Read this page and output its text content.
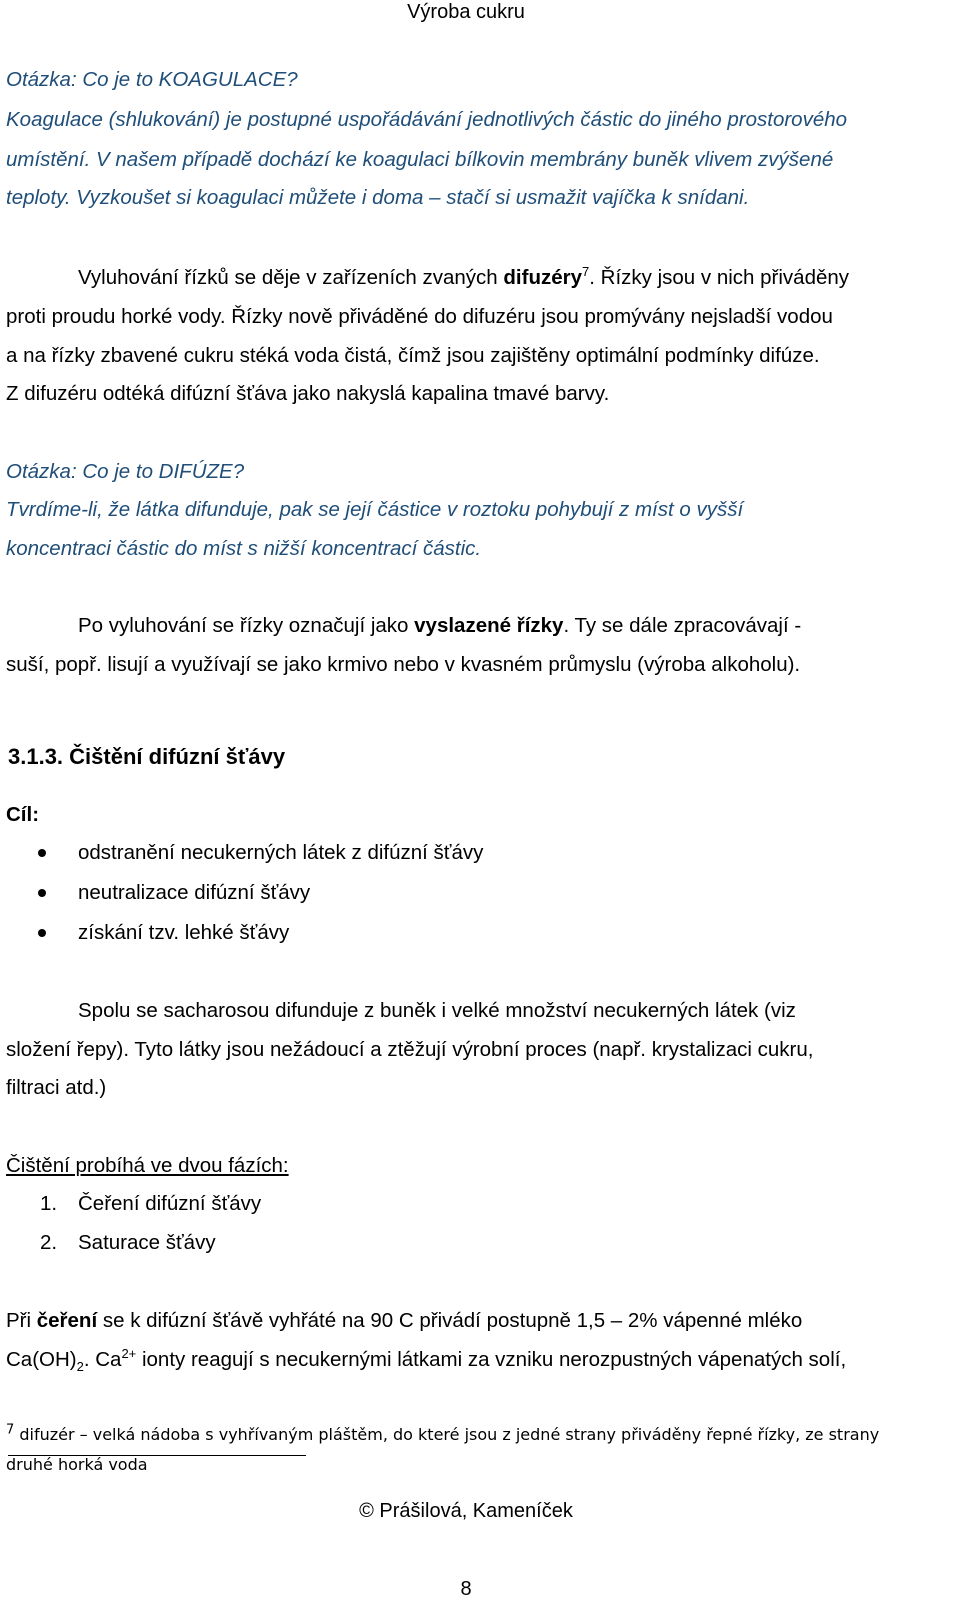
Výroba cukru
Otázka: Co je to KOAGULACE?
Koagulace (shlukování) je postupné uspořádávání jednotlivých částic do jiného prostorového
umístění. V našem případě dochází ke koagulaci bílkovin membrány buněk vlivem zvýšené
teploty. Vyzkoušet si koagulaci můžete i doma – stačí si usmažit vajíčka k snídani.
Vyluhování řízků se děje v zařízeních zvaných difuzéry$^7$. Řízky jsou v nich přiváděny
proti proudu horké vody. Řízky nově přiváděné do difuzéru jsou promývány nejsladší vodou
a na řízky zbavené cukru stéká voda čistá, čímž jsou zajištěny optimální podmínky difúze.
Z difuzéru odtéká difúzní šťáva jako nakyslá kapalina tmavé barvy.
Otázka: Co je to DIFÚZE?
Tvrdíme-li, že látka difunduje, pak se její částice v roztoku pohybují z míst o vyšší
koncentraci částic do míst s nižší koncentrací částic.
Po vyluhování se řízky označují jako vyslazené řízky. Ty se dále zpracovávají -
suší, popř. lisují a využívají se jako krmivo nebo v kvasném průmyslu (výroba alkoholu).
3.1.3. Čištění difúzní šťávy
Cíl:
odstranění necukerných látek z difúzní šťávy
neutralizace difúzní šťávy
získání tzv. lehké šťávy
Spolu se sacharosou difunduje z buněk i velké množství necukerných látek (viz
složení řepy). Tyto látky jsou nežádoucí a ztěžují výrobní proces (např. krystalizaci cukru,
filtraci atd.)
Čištění probíhá ve dvou fázích:
1. Čeření difúzní šťávy
2. Saturace šťávy
Při čeření se k difúzní šťávě vyhřáté na 90 C přivádí postupně 1,5 – 2% vápenné mléko
$Ca(OH)_2$. $Ca^{2+}$ ionty reagují s necukernými látkami za vzniku nerozpustných vápenatých solí,
$^7$ difuzér – velká nádoba s vyhřívaným pláštěm, do které jsou z jedné strany přiváděny řepné řízky, ze strany
druhé horká voda
© Prášilová, Kameníček
8
